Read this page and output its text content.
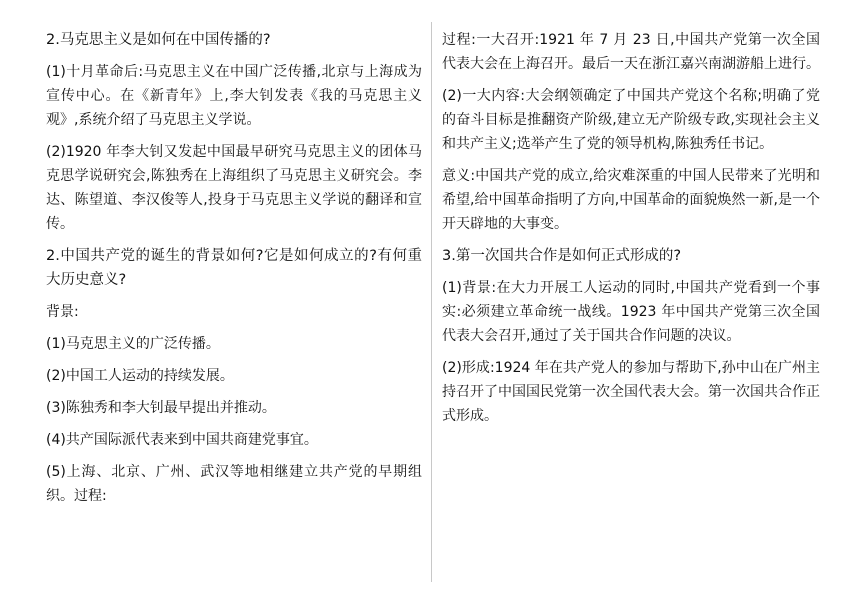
2.马克思主义是如何在中国传播的?

(1)十月革命后:马克思主义在中国广泛传播,北京与上海成为宣传中心。在《新青年》上,李大钊发表《我的马克思主义观》,系统介绍了马克思主义学说。

(2)1920 年李大钊又发起中国最早研究马克思主义的团体马克思学说研究会,陈独秀在上海组织了马克思主义研究会。李达、陈望道、李汉俊等人,投身于马克思主义学说的翻译和宣传。

2.中国共产党的诞生的背景如何?它是如何成立的?有何重大历史意义?

背景:

(1)马克思主义的广泛传播。

(2)中国工人运动的持续发展。

(3)陈独秀和李大钊最早提出并推动。

(4)共产国际派代表来到中国共商建党事宜。

(5)上海、北京、广州、武汉等地相继建立共产党的早期组织。过程:

过程:一大召开:1921 年 7 月 23 日,中国共产党第一次全国代表大会在上海召开。最后一天在浙江嘉兴南湖游船上进行。

(2)一大内容:大会纲领确定了中国共产党这个名称;明确了党的奋斗目标是推翻资产阶级,建立无产阶级专政,实现社会主义和共产主义;选举产生了党的领导机构,陈独秀任书记。

意义:中国共产党的成立,给灾难深重的中国人民带来了光明和希望,给中国革命指明了方向,中国革命的面貌焕然一新,是一个开天辟地的大事变。

3.第一次国共合作是如何正式形成的?

(1)背景:在大力开展工人运动的同时,中国共产党看到一个事实:必须建立革命统一战线。1923 年中国共产党第三次全国代表大会召开,通过了关于国共合作问题的决议。

(2)形成:1924 年在共产党人的参加与帮助下,孙中山在广州主持召开了中国国民党第一次全国代表大会。第一次国共合作正式形成。
